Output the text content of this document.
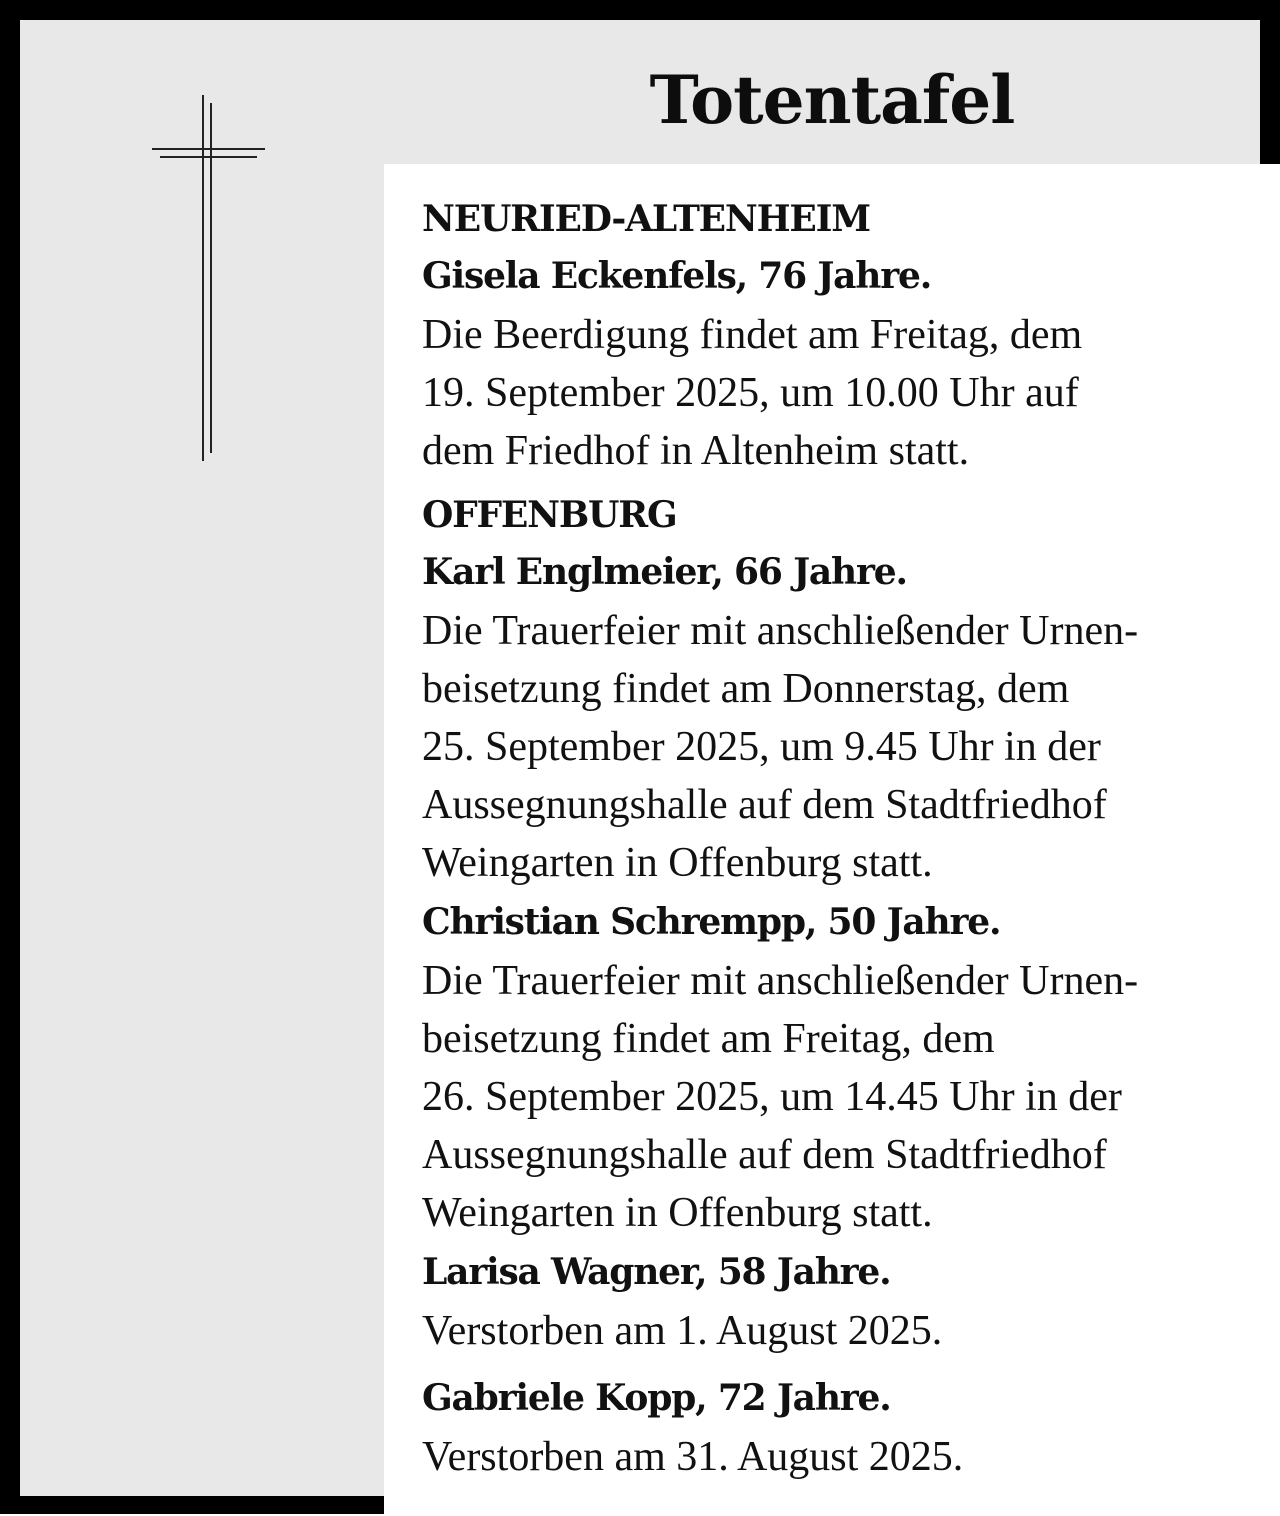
Totentafel
NEURIED-ALTENHEIM
Gisela Eckenfels, 76 Jahre.
Die Beerdigung findet am Freitag, dem
19. September 2025, um 10.00 Uhr auf
dem Friedhof in Altenheim statt.
OFFENBURG
Karl Englmeier, 66 Jahre.
Die Trauerfeier mit anschließender Urnen-
beisetzung findet am Donnerstag, dem
25. September 2025, um 9.45 Uhr in der
Aussegnungshalle auf dem Stadtfriedhof
Weingarten in Offenburg statt.
Christian Schrempp, 50 Jahre.
Die Trauerfeier mit anschließender Urnen-
beisetzung findet am Freitag, dem
26. September 2025, um 14.45 Uhr in der
Aussegnungshalle auf dem Stadtfriedhof
Weingarten in Offenburg statt.
Larisa Wagner, 58 Jahre.
Verstorben am 1. August 2025.
Gabriele Kopp, 72 Jahre.
Verstorben am 31. August 2025.
